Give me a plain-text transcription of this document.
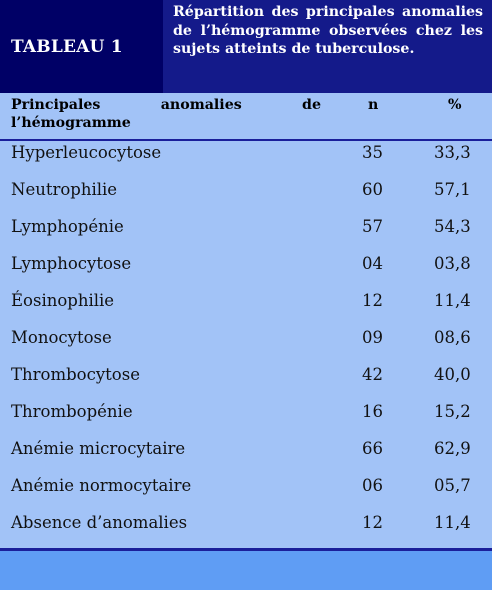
TABLEAU 1
Répartition des principales anomalies de l’hémogramme observées chez les sujets atteints de tuberculose.
Principales anomalies de l’hémogramme
n	%
Hyperleucocytose	35	33,3
Neutrophilie	60	57,1
Lymphopénie	57	54,3
Lymphocytose	04	03,8
Éosinophilie	12	11,4
Monocytose	09	08,6
Thrombocytose	42	40,0
Thrombopénie	16	15,2
Anémie microcytaire	66	62,9
Anémie normocytaire	06	05,7
Absence d’anomalies	12	11,4
